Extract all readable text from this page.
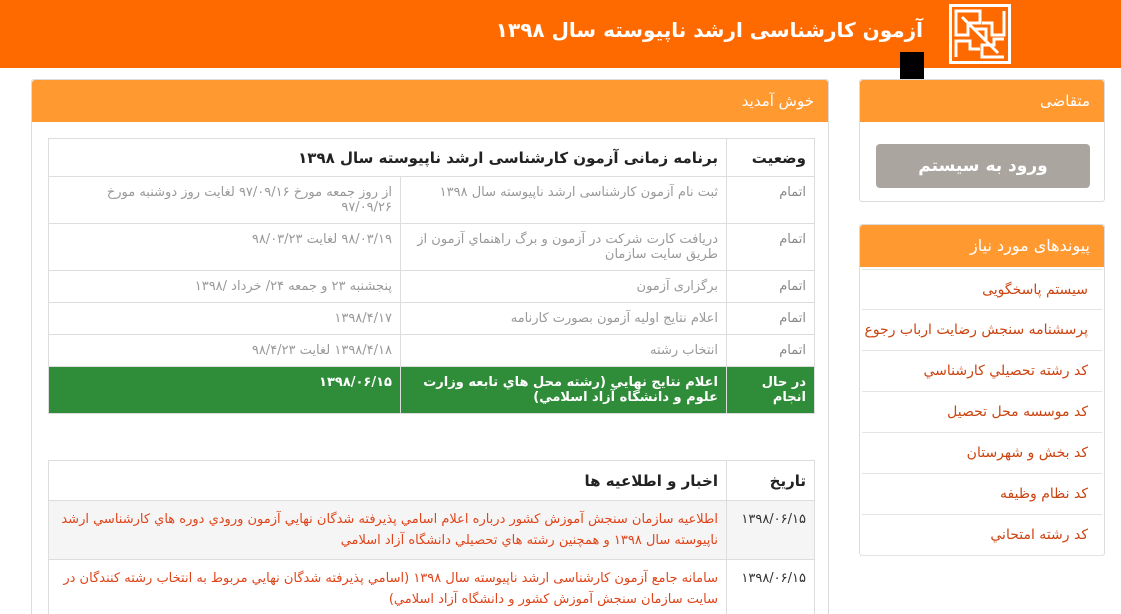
آزمون کارشناسی ارشد ناپیوسته سال ۱۳۹۸
متقاضی
ورود به سیستم
پیوندهای مورد نیاز
سیستم پاسخگویی
پرسشنامه سنجش رضایت ارباب رجوع
کد رشته تحصيلي کارشناسي
کد موسسه محل تحصیل
کد بخش و شهرستان
کد نظام وظیفه
کد رشته امتحاني
خوش آمدید
وضعیت	برنامه زمانی آزمون کارشناسی ارشد ناپیوسته سال ۱۳۹۸	
اتمام	ثبت نام آزمون کارشناسی ارشد ناپیوسته سال ۱۳۹۸	از روز جمعه مورخ ۹۷/۰۹/۱۶ لغایت روز دوشنبه مورخ ۹۷/۰۹/۲۶
اتمام	دريافت کارت شرکت در آزمون و برگ راهنماي آزمون از طريق سايت سازمان	۹۸/۰۳/۱۹ لغايت ۹۸/۰۳/۲۳
اتمام	برگزاری آزمون	پنجشنبه ۲۳ و جمعه ۲۴/ خرداد /۱۳۹۸
اتمام	اعلام نتایج اولیه آزمون بصورت کارنامه	۱۳۹۸/۴/۱۷
اتمام	انتخاب رشته	۱۳۹۸/۴/۱۸ لغایت ۹۸/۴/۲۳
در حال انجام	اعلام نتايج نهايي (رشته محل هاي تابعه وزارت علوم و دانشگاه آزاد اسلامي)	۱۳۹۸/۰۶/۱۵
تاریخ	اخبار و اطلاعیه ها
۱۳۹۸/۰۶/۱۵	اطلاعيه سازمان سنجش آموزش کشور درباره اعلام اسامي پذيرفته شدگان نهايي آزمون ورودي دوره هاي کارشناسي ارشد ناپيوسته سال ۱۳۹۸ و همچنين رشته هاي تحصيلي دانشگاه آزاد اسلامي
۱۳۹۸/۰۶/۱۵	سامانه جامع آزمون کارشناسی ارشد ناپیوسته سال ۱۳۹۸ (اسامي پذيرفته شدگان نهايي مربوط به انتخاب رشته کنندگان در سايت سازمان سنجش آموزش کشور و دانشگاه آزاد اسلامي)
